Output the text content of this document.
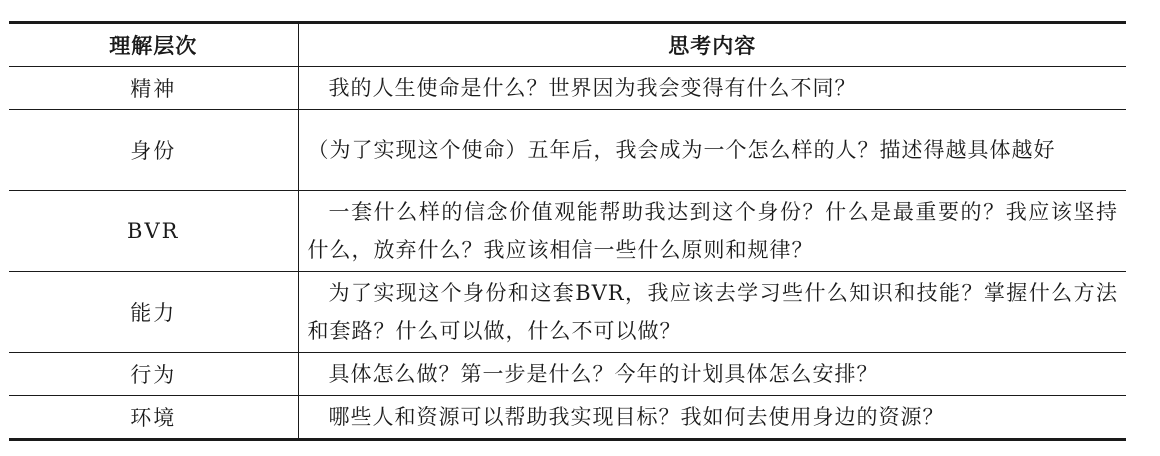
理解层次	思考内容
精神	我的人生使命是什么？世界因为我会变得有什么不同？
身份	（为了实现这个使命）五年后，我会成为一个怎么样的人？描述得越具体越好
BVR	一套什么样的信念价值观能帮助我达到这个身份？什么是最重要的？我应该坚持什么，放弃什么？我应该相信一些什么原则和规律？
能力	为了实现这个身份和这套BVR，我应该去学习些什么知识和技能？掌握什么方法和套路？什么可以做，什么不可以做？
行为	具体怎么做？第一步是什么？今年的计划具体怎么安排？
环境	哪些人和资源可以帮助我实现目标？我如何去使用身边的资源？
